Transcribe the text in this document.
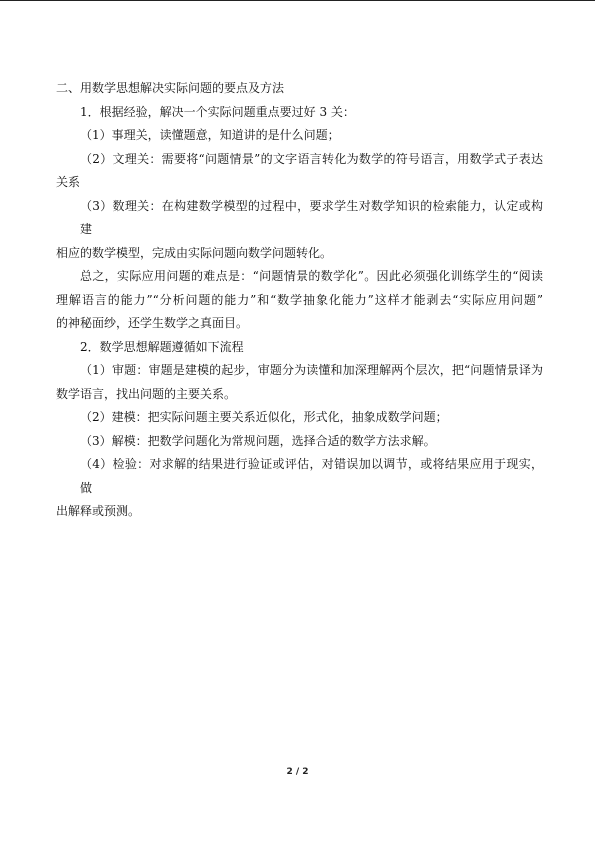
二、用数学思想解决实际问题的要点及方法
1．根据经验，解决一个实际问题重点要过好 3 关：
（1）事理关，读懂题意，知道讲的是什么问题；
（2）文理关：需要将“问题情景”的文字语言转化为数学的符号语言，用数学式子表达
关系
（3）数理关：在构建数学模型的过程中，要求学生对数学知识的检索能力，认定或构建
相应的数学模型，完成由实际问题向数学问题转化。
总之，实际应用问题的难点是：“问题情景的数学化”。因此必须强化训练学生的“阅读
理解语言的能力”“分析问题的能力”和“数学抽象化能力”这样才能剥去“实际应用问题”
的神秘面纱，还学生数学之真面目。
2．数学思想解题遵循如下流程
（1）审题：审题是建模的起步，审题分为读懂和加深理解两个层次，把“问题情景译为
数学语言，找出问题的主要关系。
（2）建模：把实际问题主要关系近似化，形式化，抽象成数学问题；
（3）解模：把数学问题化为常规问题，选择合适的数学方法求解。
（4）检验：对求解的结果进行验证或评估，对错误加以调节，或将结果应用于现实，做
出解释或预测。
2 / 2
